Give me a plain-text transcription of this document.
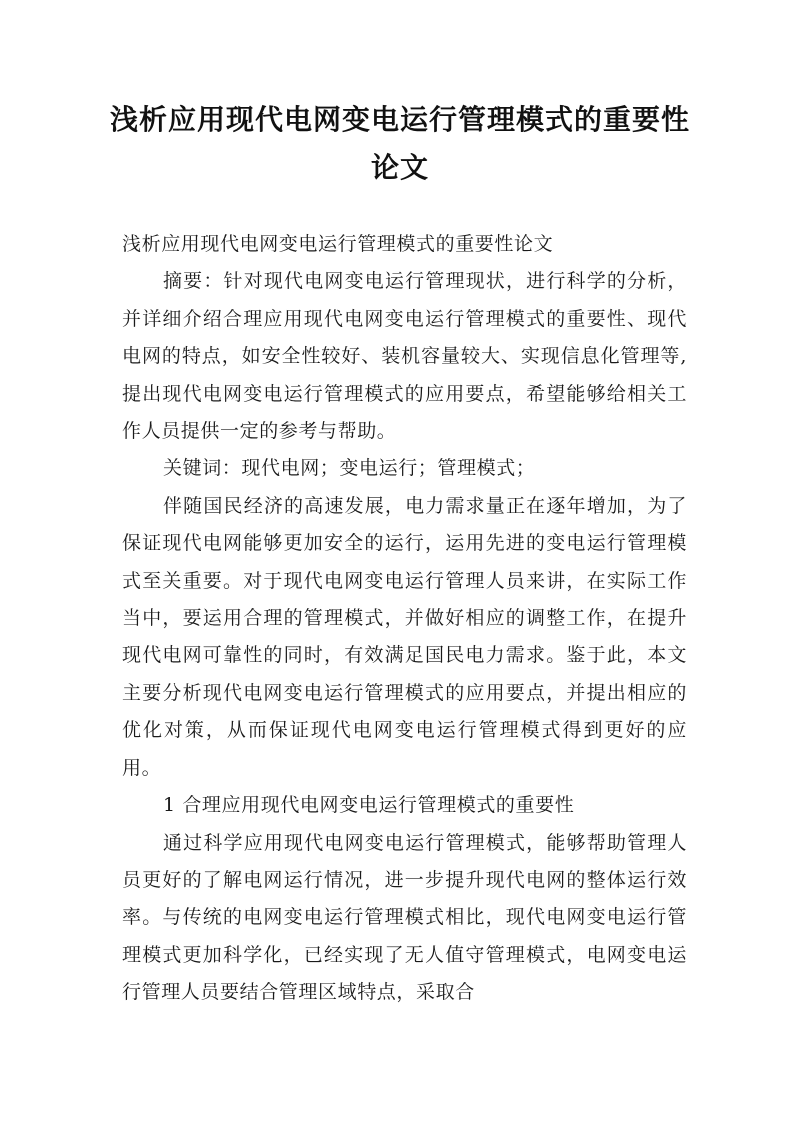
浅析应用现代电网变电运行管理模式的重要性论文

浅析应用现代电网变电运行管理模式的重要性论文

摘要：针对现代电网变电运行管理现状，进行科学的分析，并详细介绍合理应用现代电网变电运行管理模式的重要性、现代电网的特点，如安全性较好、装机容量较大、实现信息化管理等,提出现代电网变电运行管理模式的应用要点，希望能够给相关工作人员提供一定的参考与帮助。

关键词：现代电网；变电运行；管理模式；

伴随国民经济的高速发展，电力需求量正在逐年增加，为了保证现代电网能够更加安全的运行，运用先进的变电运行管理模式至关重要。对于现代电网变电运行管理人员来讲，在实际工作当中，要运用合理的管理模式，并做好相应的调整工作，在提升现代电网可靠性的同时，有效满足国民电力需求。鉴于此，本文主要分析现代电网变电运行管理模式的应用要点，并提出相应的优化对策，从而保证现代电网变电运行管理模式得到更好的应用。

1 合理应用现代电网变电运行管理模式的重要性

通过科学应用现代电网变电运行管理模式，能够帮助管理人员更好的了解电网运行情况，进一步提升现代电网的整体运行效率。与传统的电网变电运行管理模式相比，现代电网变电运行管理模式更加科学化，已经实现了无人值守管理模式，电网变电运行管理人员要结合管理区域特点，采取合
